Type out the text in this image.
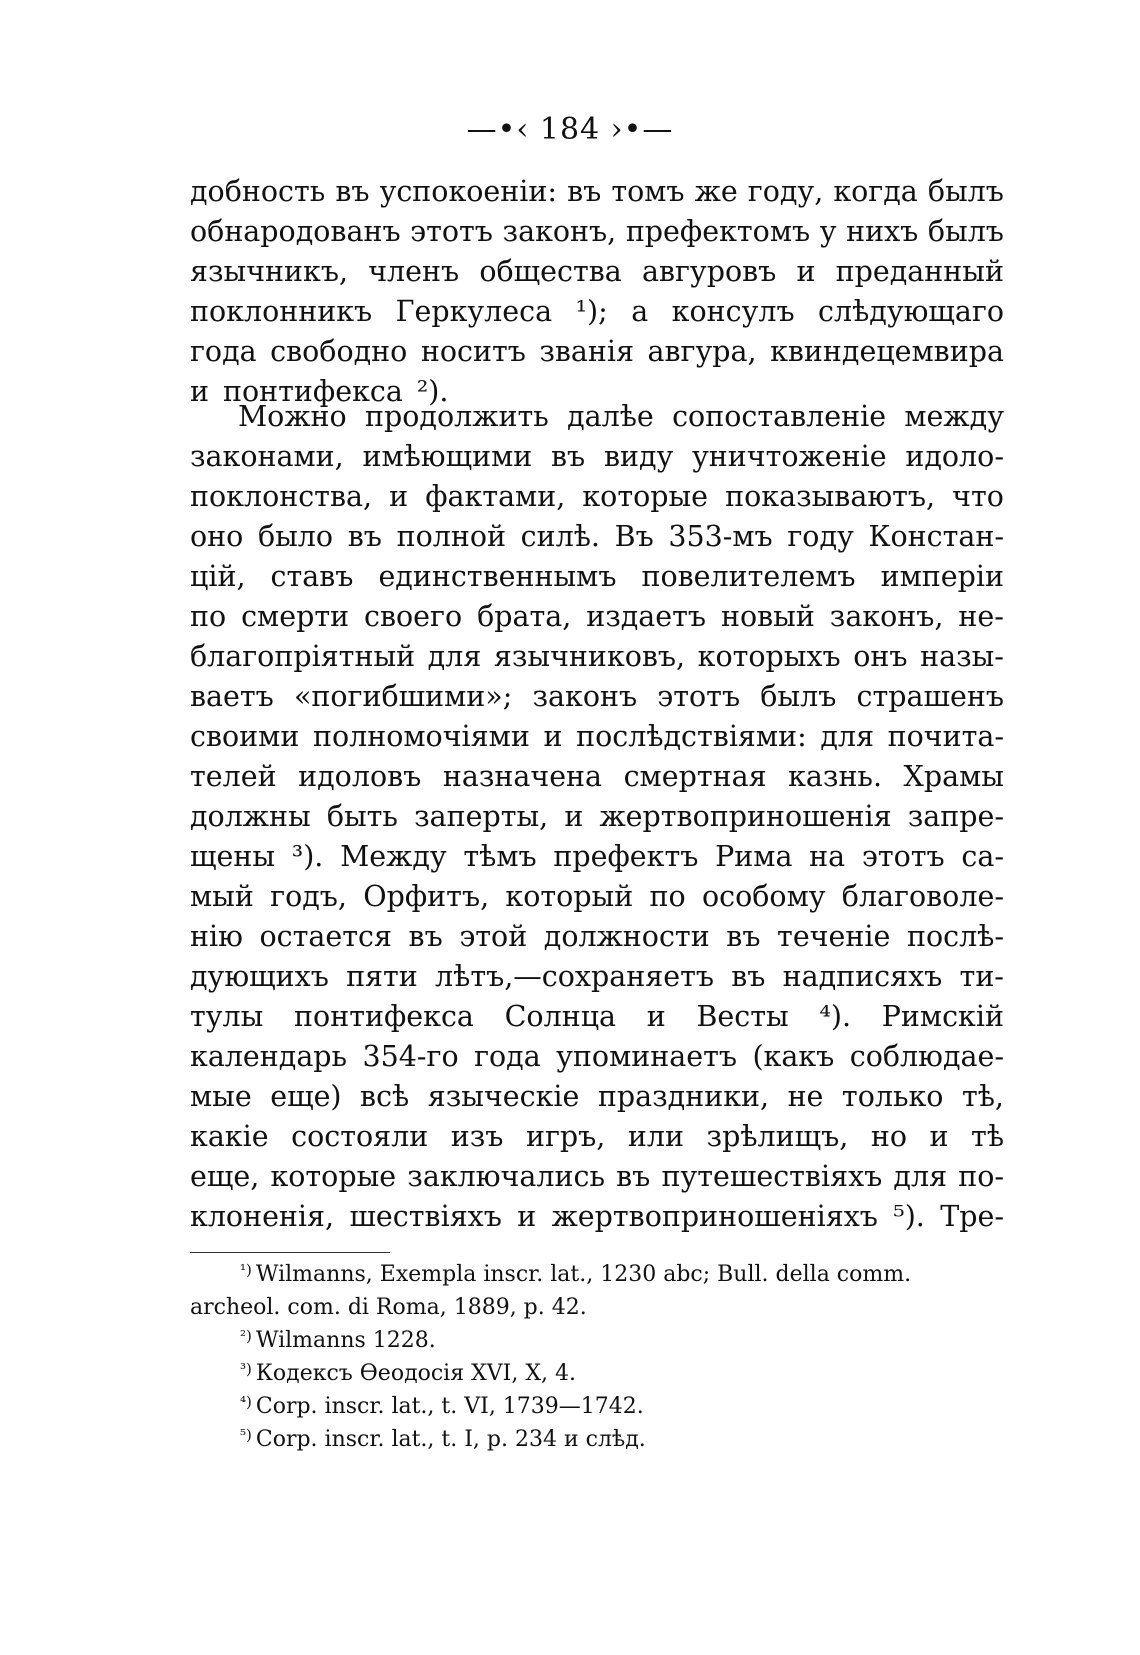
—•‹ 184 ›•—
добность въ успокоеніи: въ томъ же году, когда былъ
обнародованъ этотъ законъ, префектомъ у нихъ былъ
язычникъ, членъ общества авгуровъ и преданный
поклонникъ Геркулеса ¹); а консулъ слѣдующаго
года свободно носитъ званія авгура, квиндецемвира
и понтифекса ²).
Можно продолжить далѣе сопоставленіе между
законами, имѣющими въ виду уничтоженіе идоло-
поклонства, и фактами, которые показываютъ, что
оно было въ полной силѣ. Въ 353-мъ году Констан-
цій, ставъ единственнымъ повелителемъ имперіи
по смерти своего брата, издаетъ новый законъ, не-
благопріятный для язычниковъ, которыхъ онъ назы-
ваетъ «погибшими»; законъ этотъ былъ страшенъ
своими полномочіями и послѣдствіями: для почита-
телей идоловъ назначена смертная казнь. Храмы
должны быть заперты, и жертвоприношенія запре-
щены ³). Между тѣмъ префектъ Рима на этотъ са-
мый годъ, Орфитъ, который по особому благоволе-
нію остается въ этой должности въ теченіе послѣ-
дующихъ пяти лѣтъ,—сохраняетъ въ надписяхъ ти-
тулы понтифекса Солнца и Весты ⁴). Римскій
календарь 354-го года упоминаетъ (какъ соблюдае-
мые еще) всѣ языческіе праздники, не только тѣ,
какіе состояли изъ игръ, или зрѣлищъ, но и тѣ
еще, которые заключались въ путешествіяхъ для по-
клоненія, шествіяхъ и жертвоприношеніяхъ ⁵). Тре-
¹) Wilmanns, Exempla inscr. lat., 1230 abc; Bull. della comm.
archeol. com. di Roma, 1889, p. 42.
²) Wilmanns 1228.
³) Кодексъ Ѳеодосія XVI, X, 4.
⁴) Corp. inscr. lat., t. VI, 1739—1742.
⁵) Corp. inscr. lat., t. I, p. 234 и слѣд.
